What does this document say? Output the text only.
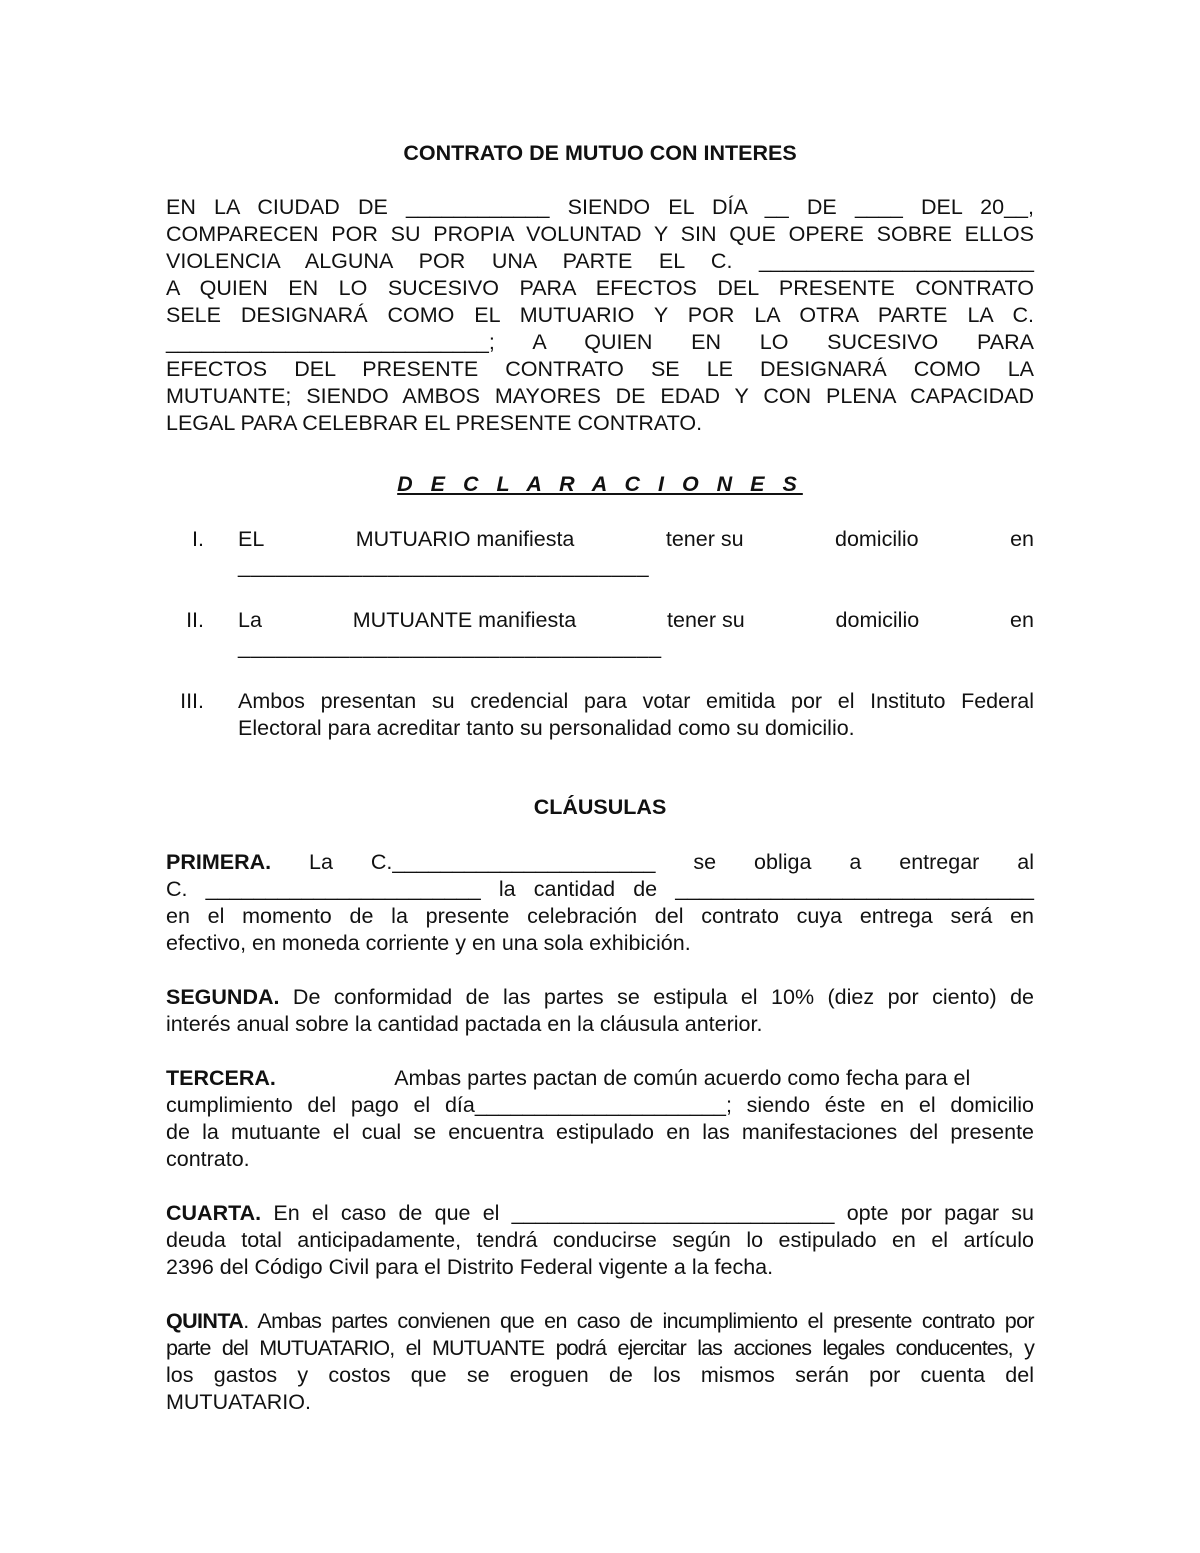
CONTRATO DE MUTUO CON INTERES
EN LA CIUDAD DE ____________ SIENDO EL DÍA __ DE ____ DEL 20__,
COMPARECEN POR SU PROPIA VOLUNTAD Y SIN QUE OPERE SOBRE ELLOS
VIOLENCIA ALGUNA POR UNA PARTE EL C. _______________________
A QUIEN EN LO SUCESIVO PARA EFECTOS DEL PRESENTE CONTRATO
SELE DESIGNARÁ COMO EL MUTUARIO Y POR LA OTRA PARTE LA C.
___________________________; A QUIEN EN LO SUCESIVO PARA
EFECTOS DEL PRESENTE CONTRATO SE LE DESIGNARÁ COMO LA
MUTUANTE; SIENDO AMBOS MAYORES DE EDAD Y CON PLENA CAPACIDAD
LEGAL PARA CELEBRAR EL PRESENTE CONTRATO.
D E C L A R A C I O N E S
I. EL	MUTUARIO manifiesta	tener su	domicilio	en
_________________________________
II. La	MUTUANTE manifiesta	tener su	domicilio	en
__________________________________
III. Ambos presentan su credencial para votar emitida por el Instituto Federal
Electoral para acreditar tanto su personalidad como su domicilio.
CLÁUSULAS
PRIMERA. La C.______________________ se obliga a entregar al
C. _______________________ la cantidad de ______________________________
en el momento de la presente celebración del contrato cuya entrega será en
efectivo, en moneda corriente y en una sola exhibición.
SEGUNDA. De conformidad de las partes se estipula el 10% (diez por ciento) de
interés anual sobre la cantidad pactada en la cláusula anterior.
TERCERA.                    Ambas partes pactan de común acuerdo como fecha para el
cumplimiento del pago el día_____________________; siendo éste en el domicilio
de la mutuante el cual se encuentra estipulado en las manifestaciones del presente
contrato.
CUARTA. En el caso de que el ___________________________ opte por pagar su
deuda total anticipadamente, tendrá conducirse según lo estipulado en el artículo
2396 del Código Civil para el Distrito Federal vigente a la fecha.
QUINTA. Ambas partes convienen que en caso de incumplimiento el presente contrato por
parte del MUTUATARIO, el MUTUANTE podrá ejercitar las acciones legales conducentes, y
los gastos y costos que se eroguen de los mismos serán por cuenta del
MUTUATARIO.
